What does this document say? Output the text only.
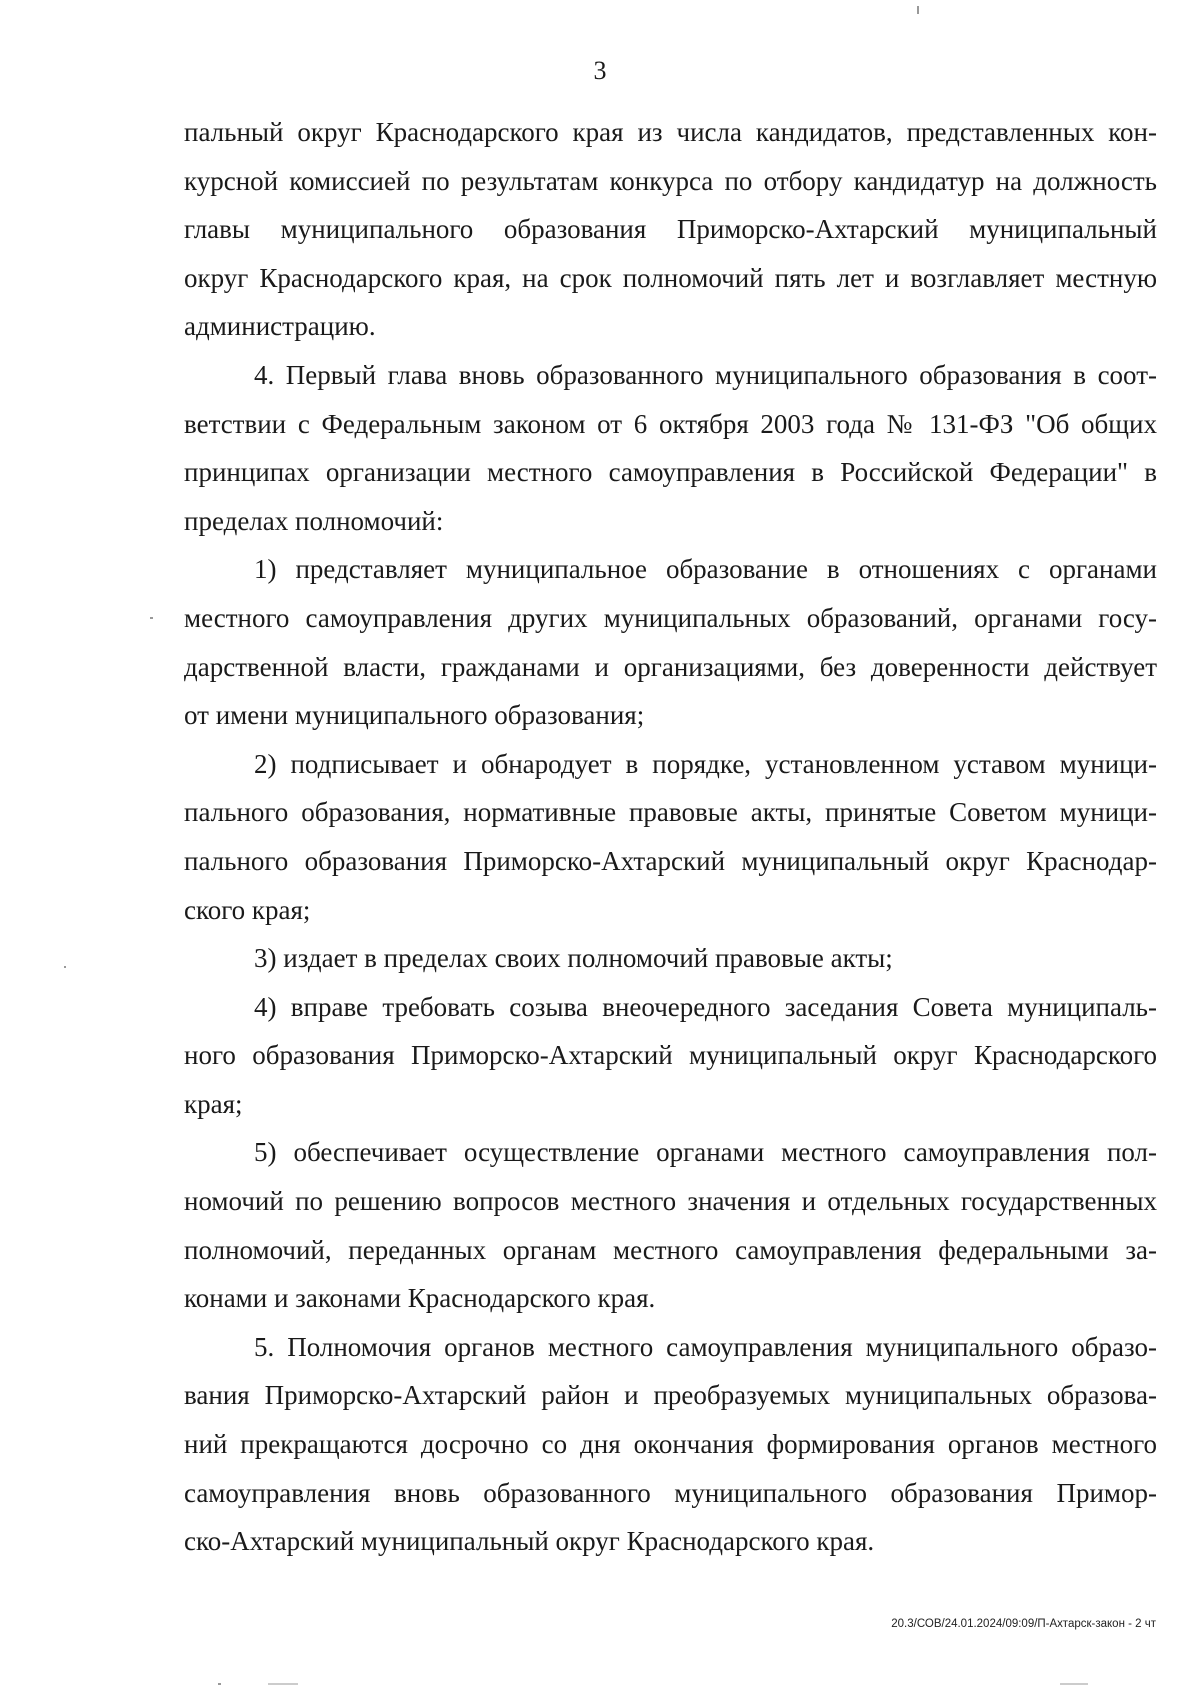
3

пальный округ Краснодарского края из числа кандидатов, представленных кон-
курсной комиссией по результатам конкурса по отбору кандидатур на должность
главы муниципального образования Приморско-Ахтарский муниципальный
округ Краснодарского края, на срок полномочий пять лет и возглавляет местную
администрацию.

4. Первый глава вновь образованного муниципального образования в соот-
ветствии с Федеральным законом от 6 октября 2003 года № 131-ФЗ "Об общих
принципах организации местного самоуправления в Российской Федерации" в
пределах полномочий:

1) представляет муниципальное образование в отношениях с органами
местного самоуправления других муниципальных образований, органами госу-
дарственной власти, гражданами и организациями, без доверенности действует
от имени муниципального образования;

2) подписывает и обнародует в порядке, установленном уставом муници-
пального образования, нормативные правовые акты, принятые Советом муници-
пального образования Приморско-Ахтарский муниципальный округ Краснодар-
ского края;

3) издает в пределах своих полномочий правовые акты;

4) вправе требовать созыва внеочередного заседания Совета муниципаль-
ного образования Приморско-Ахтарский муниципальный округ Краснодарского
края;

5) обеспечивает осуществление органами местного самоуправления пол-
номочий по решению вопросов местного значения и отдельных государственных
полномочий, переданных органам местного самоуправления федеральными за-
конами и законами Краснодарского края.

5. Полномочия органов местного самоуправления муниципального образо-
вания Приморско-Ахтарский район и преобразуемых муниципальных образова-
ний прекращаются досрочно со дня окончания формирования органов местного
самоуправления вновь образованного муниципального образования Примор-
ско-Ахтарский муниципальный округ Краснодарского края.

20.3/СОВ/24.01.2024/09:09/П-Ахтарск-закон - 2 чт
